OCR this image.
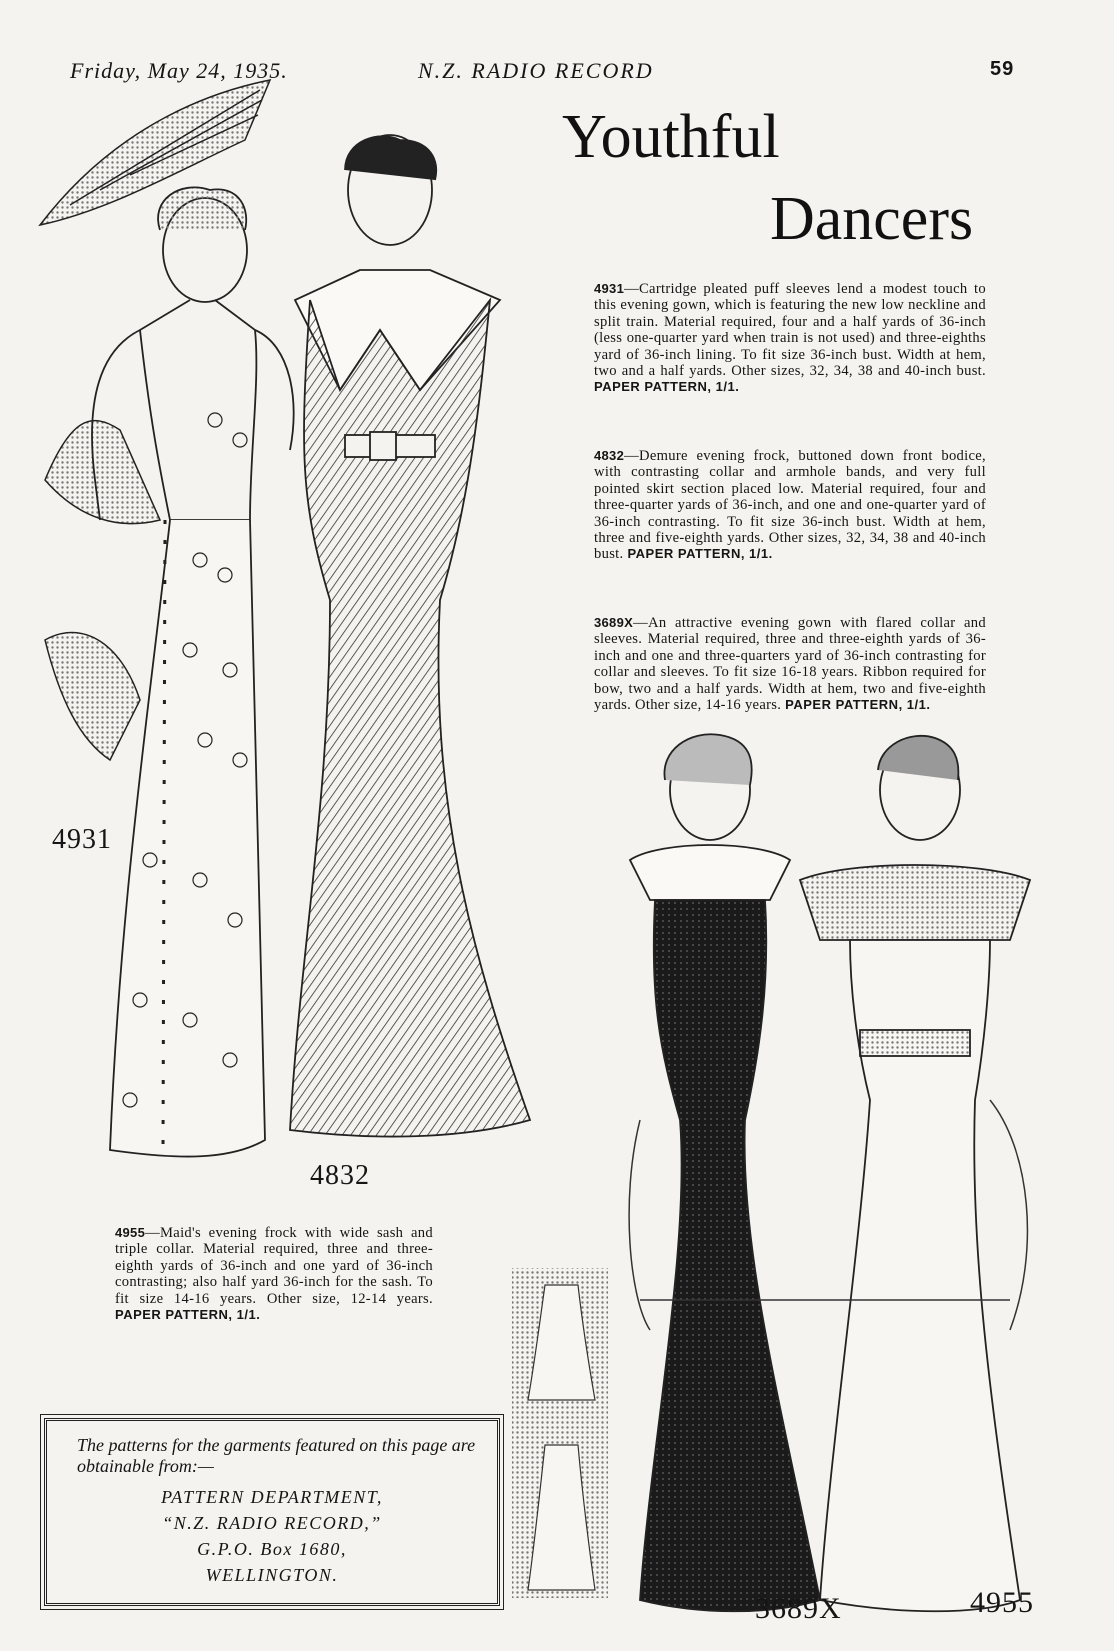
Friday, May 24, 1935.	N.Z. RADIO RECORD	59
Youthful
Dancers
4931—Cartridge pleated puff sleeves lend a modest touch to this evening gown, which is featuring the new low neckline and split train. Material required, four and a half yards of 36-inch (less one-quarter yard when train is not used) and three-eighths yard of 36-inch lining. To fit size 36-inch bust. Width at hem, two and a half yards. Other sizes, 32, 34, 38 and 40-inch bust. PAPER PATTERN, 1/1.
4832—Demure evening frock, buttoned down front bodice, with contrasting collar and armhole bands, and very full pointed skirt section placed low. Material required, four and three-quarter yards of 36-inch, and one and one-quarter yard of 36-inch contrasting. To fit size 36-inch bust. Width at hem, three and five-eighth yards. Other sizes, 32, 34, 38 and 40-inch bust. PAPER PATTERN, 1/1.
3689X—An attractive evening gown with flared collar and sleeves. Material required, three and three-eighth yards of 36-inch and one and three-quarters yard of 36-inch contrasting for collar and sleeves. To fit size 16-18 years. Ribbon required for bow, two and a half yards. Width at hem, two and five-eighth yards. Other size, 14-16 years. PAPER PATTERN, 1/1.
4955—Maid's evening frock with wide sash and triple collar. Material required, three and three-eighth yards of 36-inch and one yard of 36-inch contrasting; also half yard 36-inch for the sash. To fit size 14-16 years. Other size, 12-14 years. PAPER PATTERN, 1/1.
4931
4832
3689X	4955
The patterns for the garments featured on this page are obtainable from:—
PATTERN DEPARTMENT,
“N.Z. RADIO RECORD,”
G.P.O. Box 1680,
WELLINGTON.
